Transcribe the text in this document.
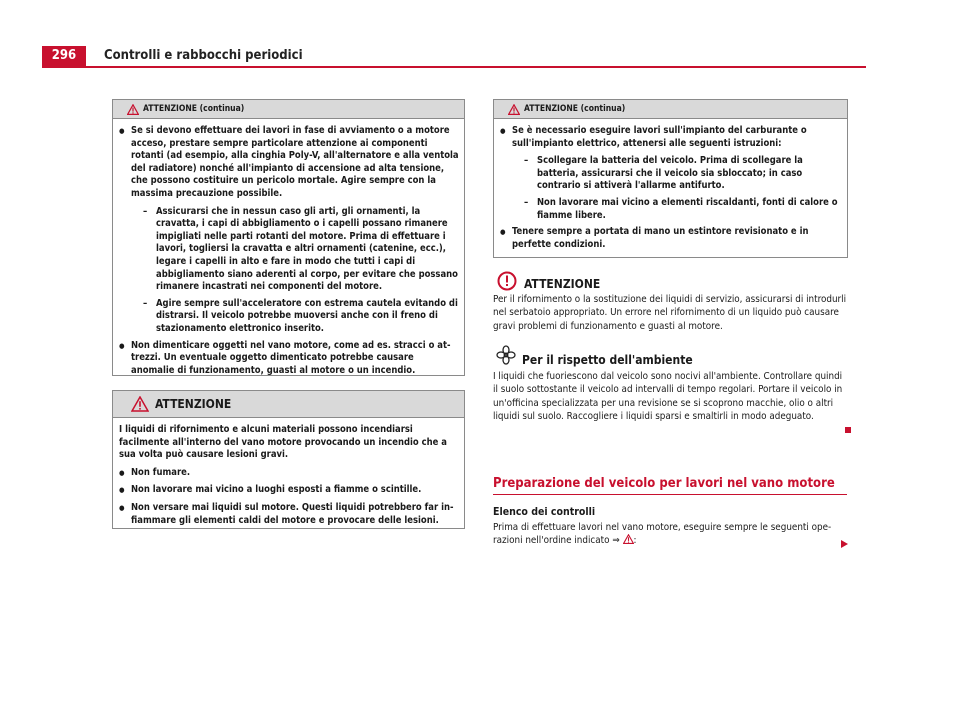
296	Controlli e rabbocchi periodici
ATTENZIONE (continua)
● Se si devono effettuare dei lavori in fase di avviamento o a motore acceso, prestare sempre particolare attenzione ai componenti rotanti (ad esempio, alla cinghia Poly-V, all'alternatore e alla ventola del radiatore) nonché all'impianto di accensione ad alta tensione, che possono costituire un pericolo mortale. Agire sempre con la massima precauzione possibile.
– Assicurarsi che in nessun caso gli arti, gli ornamenti, la cravatta, i capi di abbigliamento o i capelli possano rimanere impigliati nelle parti rotanti del motore. Prima di effettuare i lavori, togliersi la cravatta e altri ornamenti (catenine, ecc.), legare i capelli in alto e fare in modo che tutti i capi di abbigliamento siano aderenti al corpo, per evitare che possano rimanere incastrati nei componenti del motore.
– Agire sempre sull'acceleratore con estrema cautela evitando di distrarsi. Il veicolo potrebbe muoversi anche con il freno di stazionamento elettronico inserito.
● Non dimenticare oggetti nel vano motore, come ad es. stracci o attrezzi. Un eventuale oggetto dimenticato potrebbe causare anomalie di funzionamento, guasti al motore o un incendio.
ATTENZIONE
I liquidi di rifornimento e alcuni materiali possono incendiarsi facilmente all'interno del vano motore provocando un incendio che a sua volta può causare lesioni gravi.
● Non fumare.
● Non lavorare mai vicino a luoghi esposti a fiamme o scintille.
● Non versare mai liquidi sul motore. Questi liquidi potrebbero far infiammare gli elementi caldi del motore e provocare delle lesioni.
ATTENZIONE (continua)
● Se è necessario eseguire lavori sull'impianto del carburante o sull'impianto elettrico, attenersi alle seguenti istruzioni:
– Scollegare la batteria del veicolo. Prima di scollegare la batteria, assicurarsi che il veicolo sia sbloccato; in caso contrario si attiverà l'allarme antifurto.
– Non lavorare mai vicino a elementi riscaldanti, fonti di calore o fiamme libere.
● Tenere sempre a portata di mano un estintore revisionato e in perfette condizioni.
ATTENZIONE
Per il rifornimento o la sostituzione dei liquidi di servizio, assicurarsi di introdurli nel serbatoio appropriato. Un errore nel rifornimento di un liquido può causare gravi problemi di funzionamento e guasti al motore.
Per il rispetto dell'ambiente
I liquidi che fuoriescono dal veicolo sono nocivi all'ambiente. Controllare quindi il suolo sottostante il veicolo ad intervalli di tempo regolari. Portare il veicolo in un'officina specializzata per una revisione se si scoprono macchie, olio o altri liquidi sul suolo. Raccogliere i liquidi sparsi e smaltirli in modo adeguato.
Preparazione del veicolo per lavori nel vano motore
Elenco dei controlli
Prima di effettuare lavori nel vano motore, eseguire sempre le seguenti operazioni nell'ordine indicato ⇒ :
